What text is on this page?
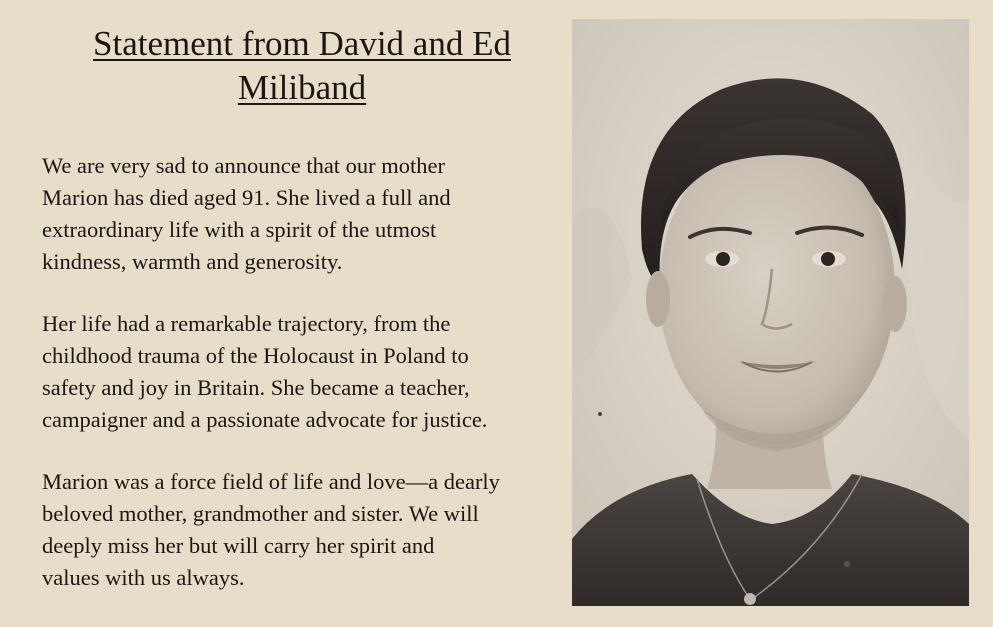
Statement from David and Ed
Miliband

We are very sad to announce that our mother
Marion has died aged 91. She lived a full and
extraordinary life with a spirit of the utmost
kindness, warmth and generosity.

Her life had a remarkable trajectory, from the
childhood trauma of the Holocaust in Poland to
safety and joy in Britain. She became a teacher,
campaigner and a passionate advocate for justice.

Marion was a force field of life and love—a dearly
beloved mother, grandmother and sister. We will
deeply miss her but will carry her spirit and
values with us always.
